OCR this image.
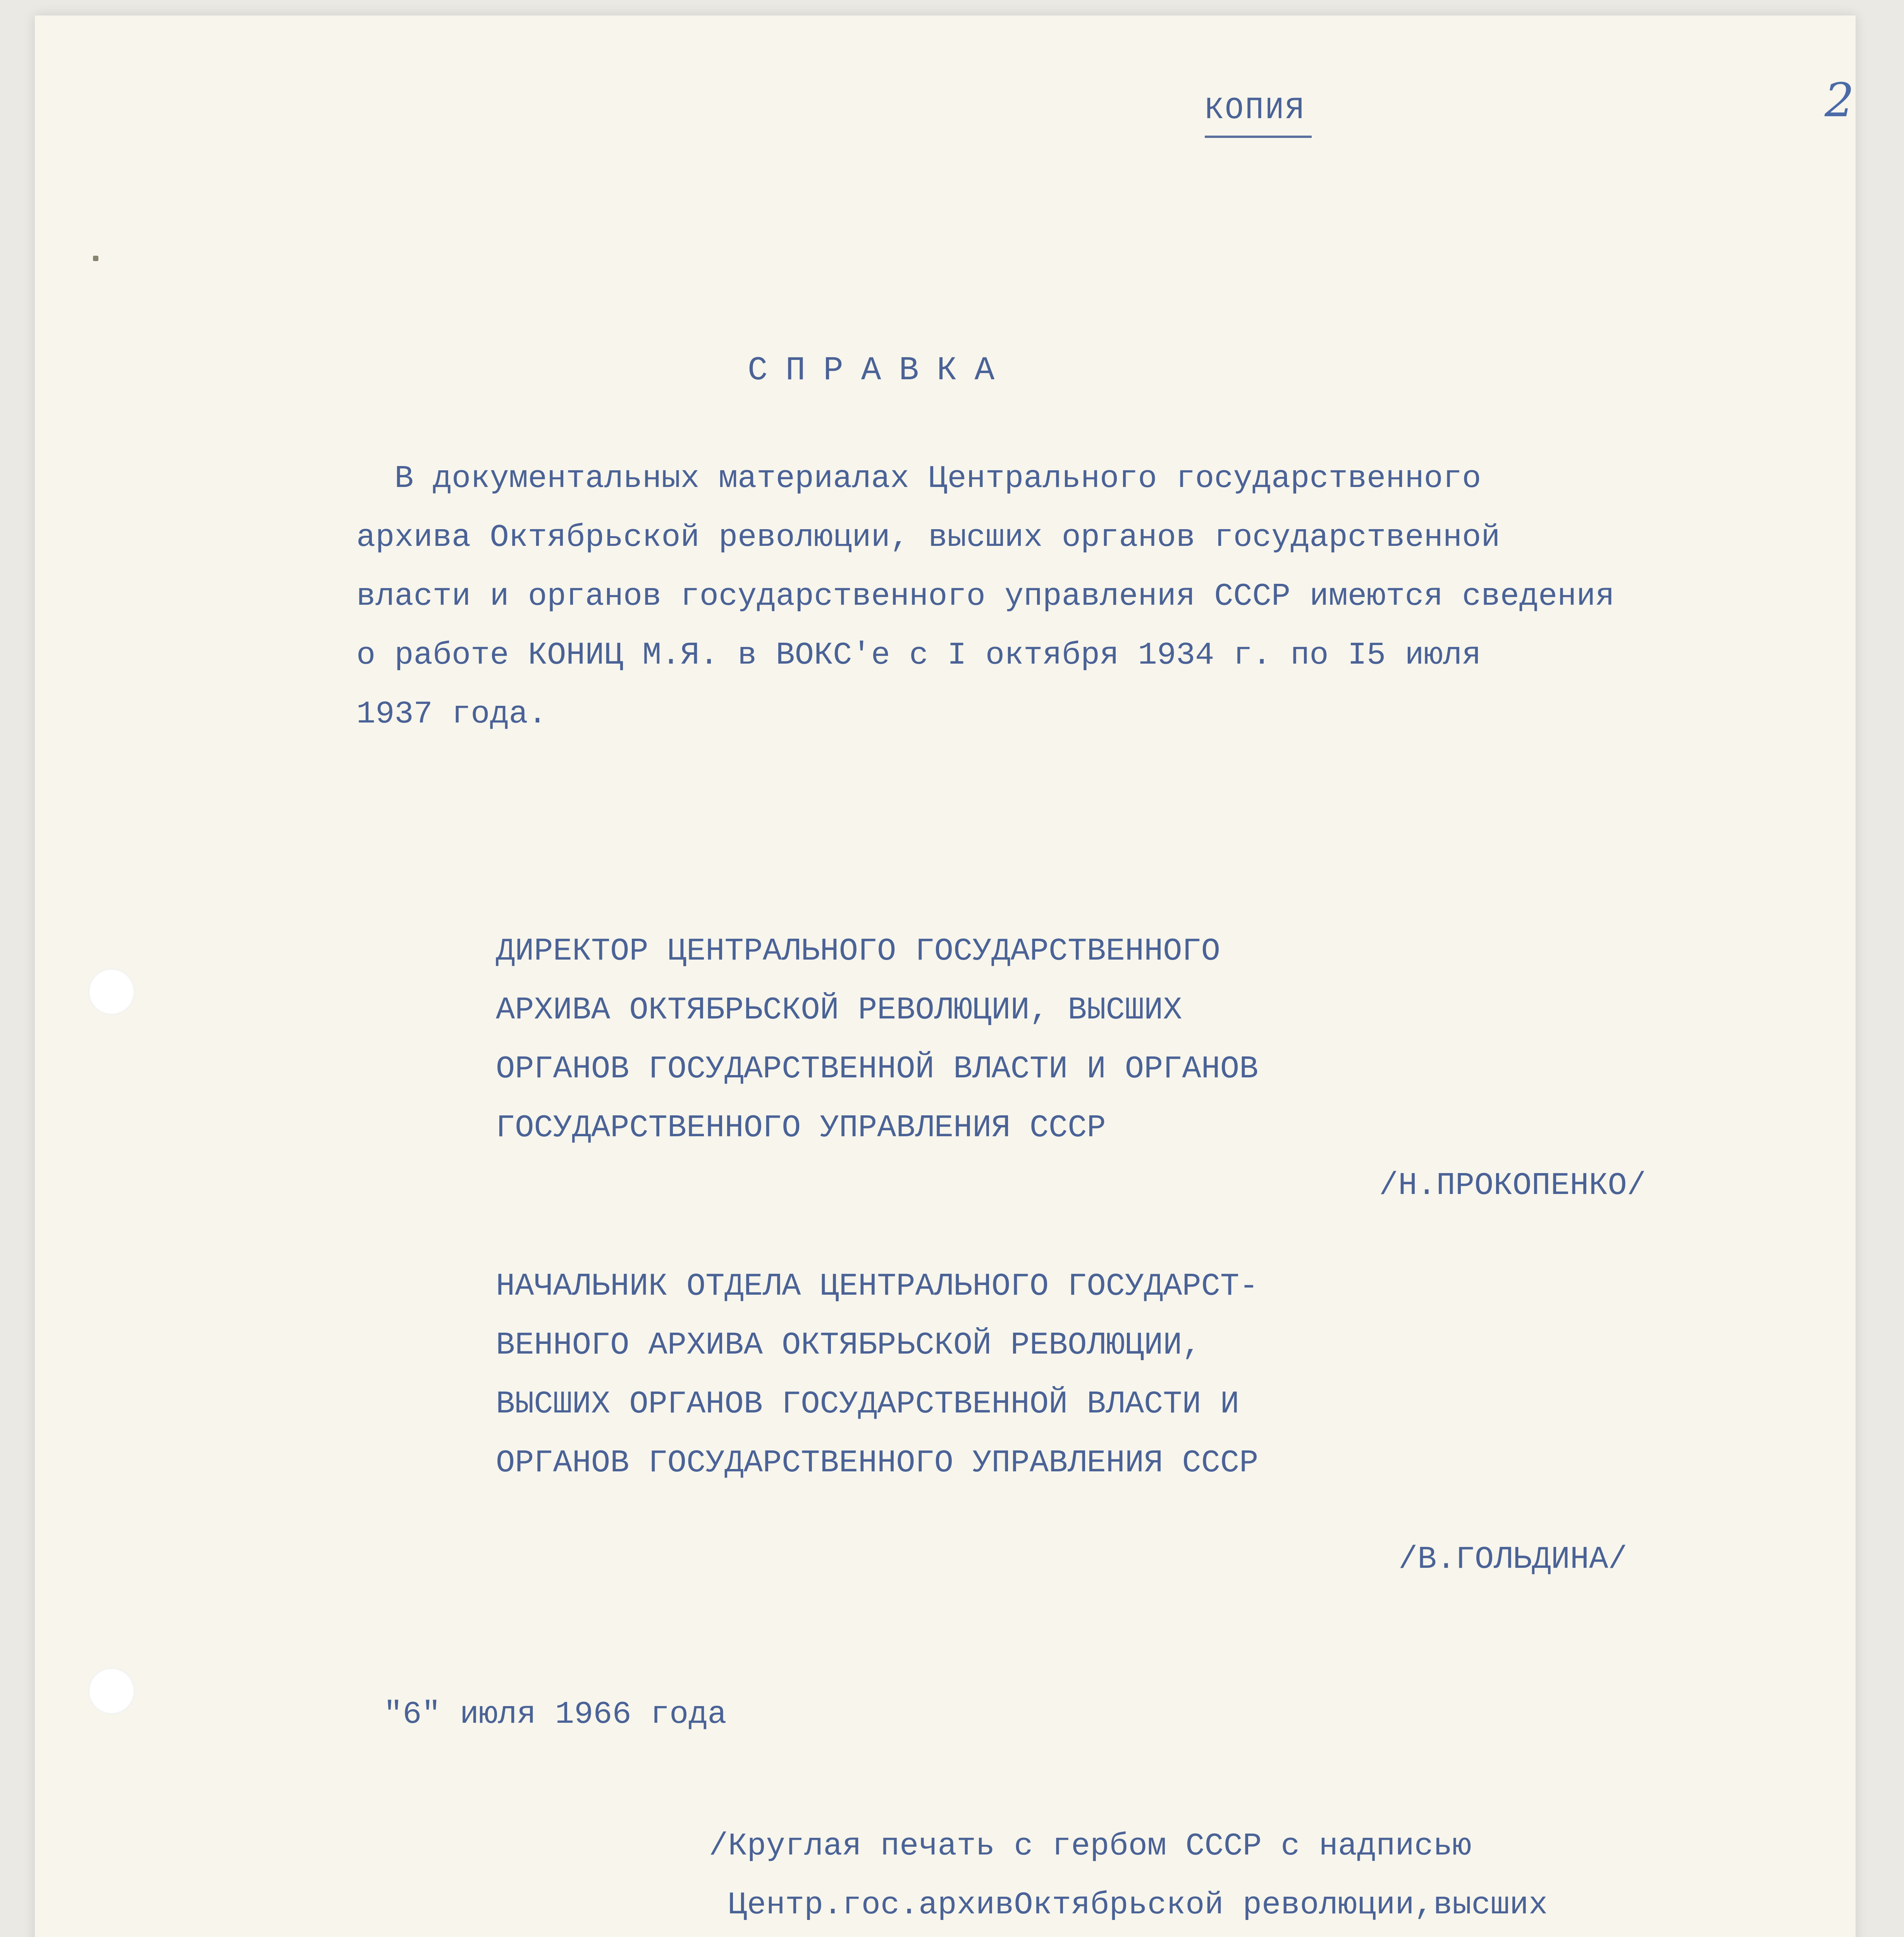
КОПИЯ	2

СПРАВКА

В документальных материалах Центрального государственного
архива Октябрьской революции, высших органов государственной
власти и органов государственного управления СССР имеются сведения
о работе КОНИЦ М.Я. в ВОКС'е с I октября 1934 г. по I5 июля
1937 года.
ДИРЕКТОР ЦЕНТРАЛЬНОГО ГОСУДАРСТВЕННОГО
АРХИВА ОКТЯБРЬСКОЙ РЕВОЛЮЦИИ, ВЫСШИХ
ОРГАНОВ ГОСУДАРСТВЕННОЙ ВЛАСТИ И ОРГАНОВ
ГОСУДАРСТВЕННОГО УПРАВЛЕНИЯ СССР

/Н.ПРОКОПЕНКО/

НАЧАЛЬНИК ОТДЕЛА ЦЕНТРАЛЬНОГО ГОСУДАРСТ-
ВЕННОГО АРХИВА ОКТЯБРЬСКОЙ РЕВОЛЮЦИИ,
ВЫСШИХ ОРГАНОВ ГОСУДАРСТВЕННОЙ ВЛАСТИ И
ОРГАНОВ ГОСУДАРСТВЕННОГО УПРАВЛЕНИЯ СССР

/В.ГОЛЬДИНА/

"6" июля 1966 года

/Круглая печать с гербом СССР с надписью
Центр.гос.архивОктябрьской революции,высших
